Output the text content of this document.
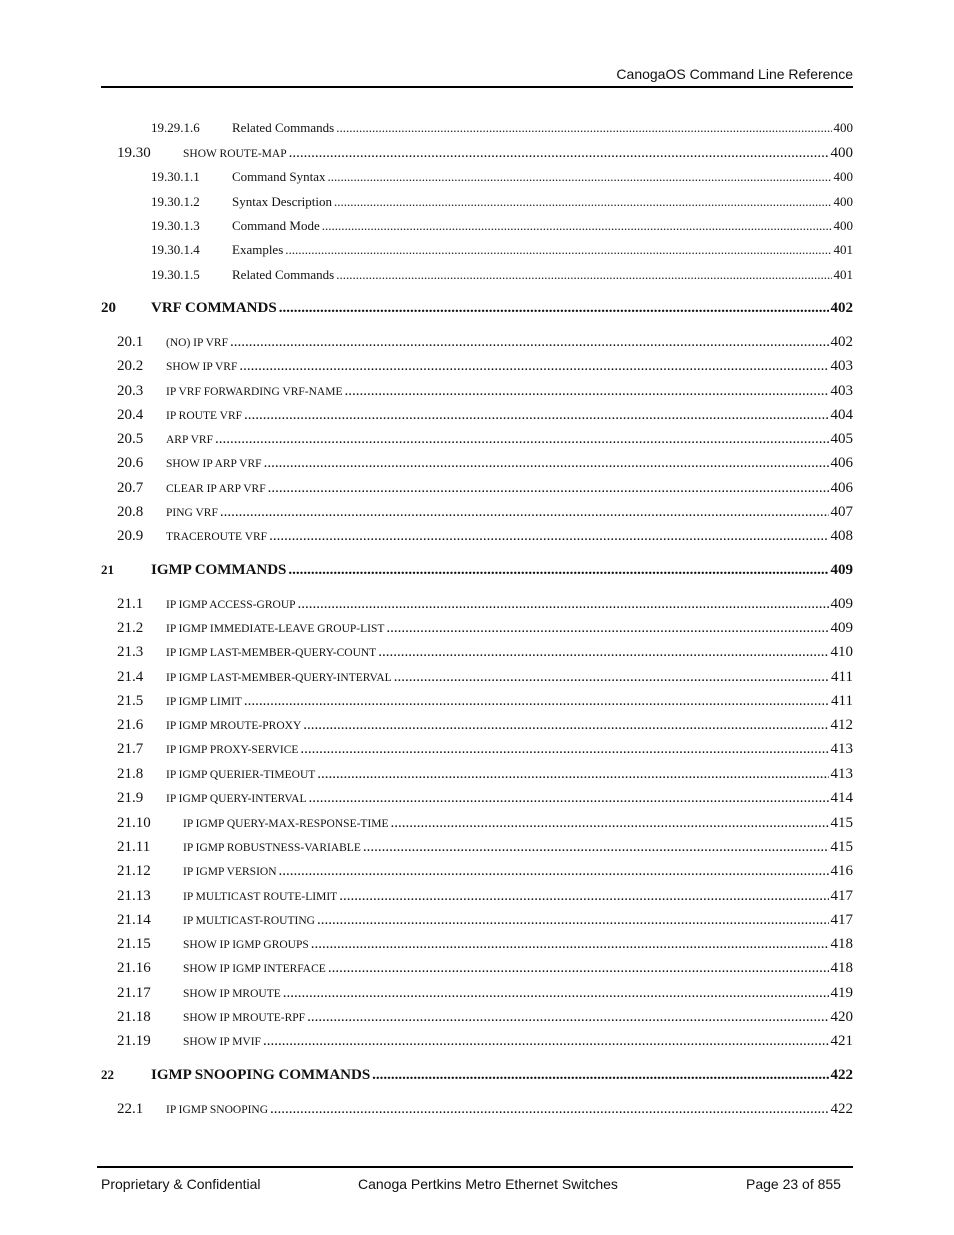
CanogaOS Command Line Reference
19.29.1.6	Related Commands .....	400
19.30	SHOW ROUTE-MAP .....	400
19.30.1.1	Command Syntax .....	400
19.30.1.2	Syntax Description .....	400
19.30.1.3	Command Mode .....	400
19.30.1.4	Examples .....	401
19.30.1.5	Related Commands .....	401
20	VRF COMMANDS .....	402
20.1	(NO) IP VRF .....	402
20.2	SHOW IP VRF .....	403
20.3	IP VRF FORWARDING VRF-NAME .....	403
20.4	IP ROUTE VRF .....	404
20.5	ARP VRF .....	405
20.6	SHOW IP ARP VRF .....	406
20.7	CLEAR IP ARP VRF .....	406
20.8	PING VRF .....	407
20.9	TRACEROUTE VRF .....	408
21	IGMP COMMANDS .....	409
21.1	IP IGMP ACCESS-GROUP .....	409
21.2	IP IGMP IMMEDIATE-LEAVE GROUP-LIST .....	409
21.3	IP IGMP LAST-MEMBER-QUERY-COUNT .....	410
21.4	IP IGMP LAST-MEMBER-QUERY-INTERVAL .....	411
21.5	IP IGMP LIMIT .....	411
21.6	IP IGMP MROUTE-PROXY .....	412
21.7	IP IGMP PROXY-SERVICE .....	413
21.8	IP IGMP QUERIER-TIMEOUT .....	413
21.9	IP IGMP QUERY-INTERVAL .....	414
21.10	IP IGMP QUERY-MAX-RESPONSE-TIME .....	415
21.11	IP IGMP ROBUSTNESS-VARIABLE .....	415
21.12	IP IGMP VERSION .....	416
21.13	IP MULTICAST ROUTE-LIMIT .....	417
21.14	IP MULTICAST-ROUTING .....	417
21.15	SHOW IP IGMP GROUPS .....	418
21.16	SHOW IP IGMP INTERFACE .....	418
21.17	SHOW IP MROUTE .....	419
21.18	SHOW IP MROUTE-RPF .....	420
21.19	SHOW IP MVIF .....	421
22	IGMP SNOOPING COMMANDS .....	422
22.1	IP IGMP SNOOPING .....	422
Proprietary & Confidential	Canoga Pertkins Metro Ethernet Switches	Page 23 of 855
